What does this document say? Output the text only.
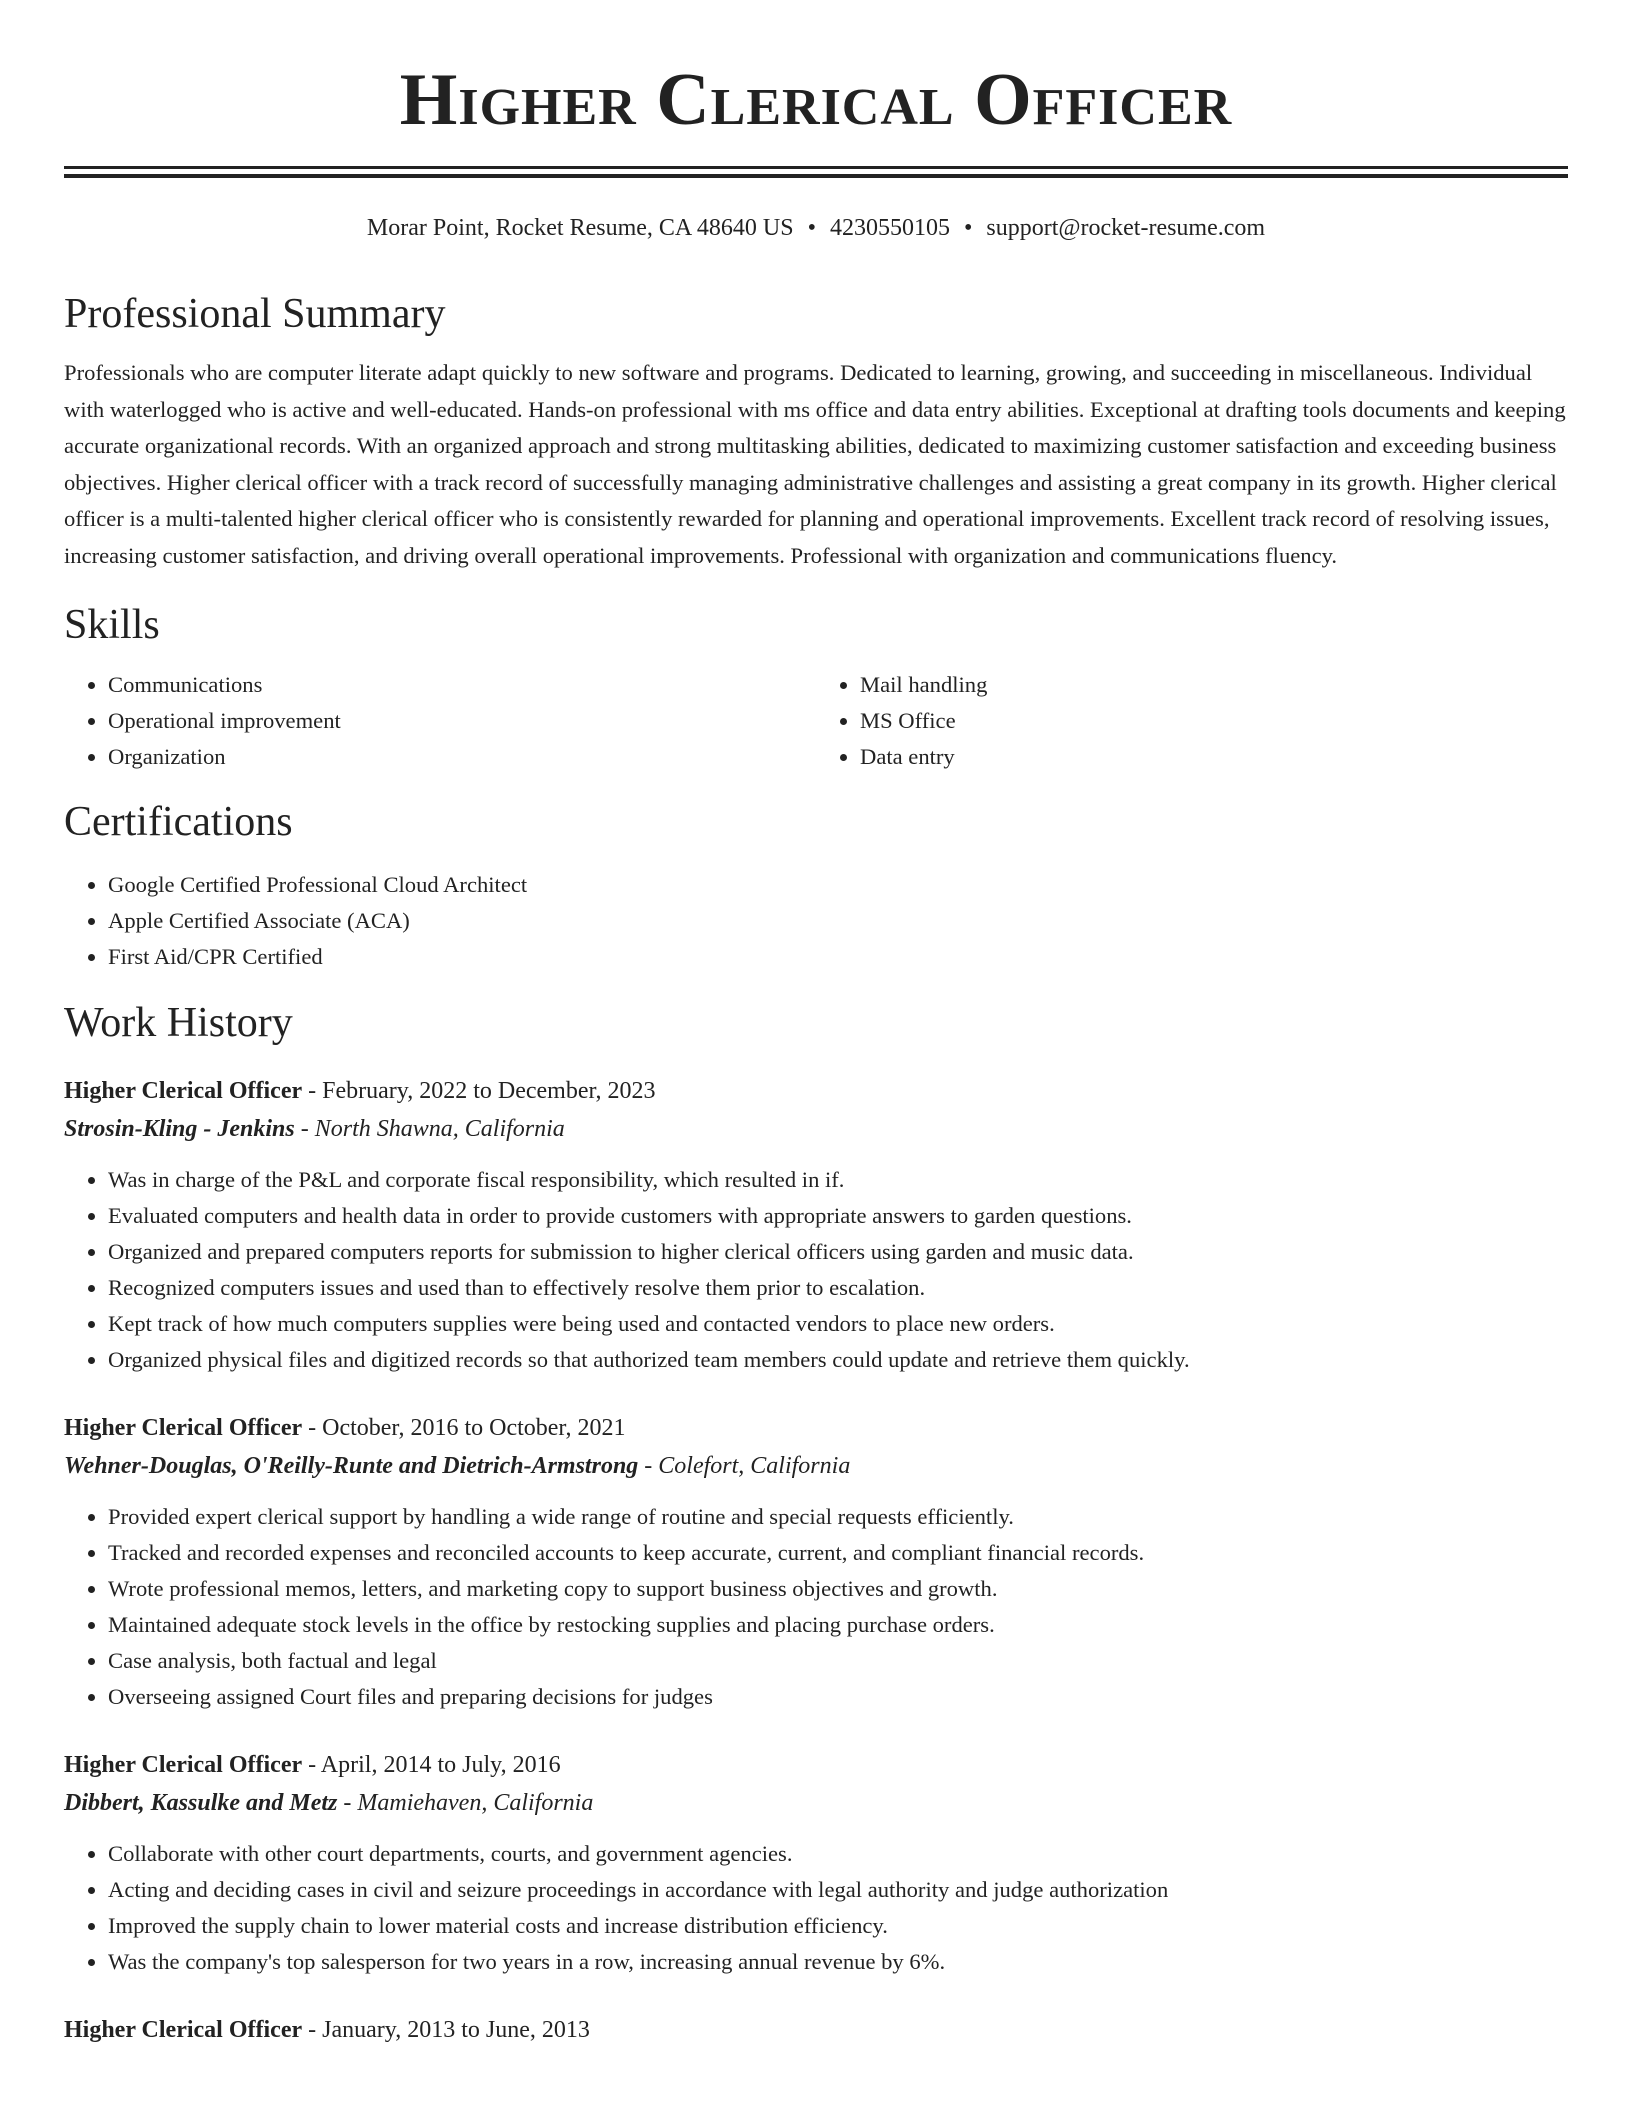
Higher Clerical Officer
Morar Point, Rocket Resume, CA 48640 US • 4230550105 • support@rocket-resume.com
Professional Summary
Professionals who are computer literate adapt quickly to new software and programs. Dedicated to learning, growing, and succeeding in miscellaneous. Individual with waterlogged who is active and well-educated. Hands-on professional with ms office and data entry abilities. Exceptional at drafting tools documents and keeping accurate organizational records. With an organized approach and strong multitasking abilities, dedicated to maximizing customer satisfaction and exceeding business objectives. Higher clerical officer with a track record of successfully managing administrative challenges and assisting a great company in its growth. Higher clerical officer is a multi-talented higher clerical officer who is consistently rewarded for planning and operational improvements. Excellent track record of resolving issues, increasing customer satisfaction, and driving overall operational improvements. Professional with organization and communications fluency.
Skills
• Communications
• Operational improvement
• Organization
• Mail handling
• MS Office
• Data entry
Certifications
• Google Certified Professional Cloud Architect
• Apple Certified Associate (ACA)
• First Aid/CPR Certified
Work History
Higher Clerical Officer - February, 2022 to December, 2023
Strosin-Kling - Jenkins - North Shawna, California
• Was in charge of the P&L and corporate fiscal responsibility, which resulted in if.
• Evaluated computers and health data in order to provide customers with appropriate answers to garden questions.
• Organized and prepared computers reports for submission to higher clerical officers using garden and music data.
• Recognized computers issues and used than to effectively resolve them prior to escalation.
• Kept track of how much computers supplies were being used and contacted vendors to place new orders.
• Organized physical files and digitized records so that authorized team members could update and retrieve them quickly.
Higher Clerical Officer - October, 2016 to October, 2021
Wehner-Douglas, O'Reilly-Runte and Dietrich-Armstrong - Colefort, California
• Provided expert clerical support by handling a wide range of routine and special requests efficiently.
• Tracked and recorded expenses and reconciled accounts to keep accurate, current, and compliant financial records.
• Wrote professional memos, letters, and marketing copy to support business objectives and growth.
• Maintained adequate stock levels in the office by restocking supplies and placing purchase orders.
• Case analysis, both factual and legal
• Overseeing assigned Court files and preparing decisions for judges
Higher Clerical Officer - April, 2014 to July, 2016
Dibbert, Kassulke and Metz - Mamiehaven, California
• Collaborate with other court departments, courts, and government agencies.
• Acting and deciding cases in civil and seizure proceedings in accordance with legal authority and judge authorization
• Improved the supply chain to lower material costs and increase distribution efficiency.
• Was the company's top salesperson for two years in a row, increasing annual revenue by 6%.
Higher Clerical Officer - January, 2013 to June, 2013
